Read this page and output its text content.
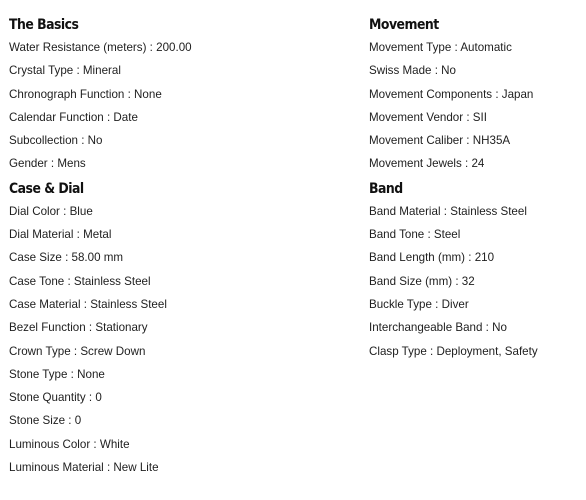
The Basics
Water Resistance (meters) : 200.00
Crystal Type : Mineral
Chronograph Function : None
Calendar Function : Date
Subcollection : No
Gender : Mens
Case & Dial
Dial Color : Blue
Dial Material : Metal
Case Size : 58.00 mm
Case Tone : Stainless Steel
Case Material : Stainless Steel
Bezel Function : Stationary
Crown Type : Screw Down
Stone Type : None
Stone Quantity : 0
Stone Size : 0
Luminous Color : White
Luminous Material : New Lite
Movement
Movement Type : Automatic
Swiss Made : No
Movement Components : Japan
Movement Vendor : SII
Movement Caliber : NH35A
Movement Jewels : 24
Band
Band Material : Stainless Steel
Band Tone : Steel
Band Length (mm) : 210
Band Size (mm) : 32
Buckle Type : Diver
Interchangeable Band : No
Clasp Type : Deployment, Safety
